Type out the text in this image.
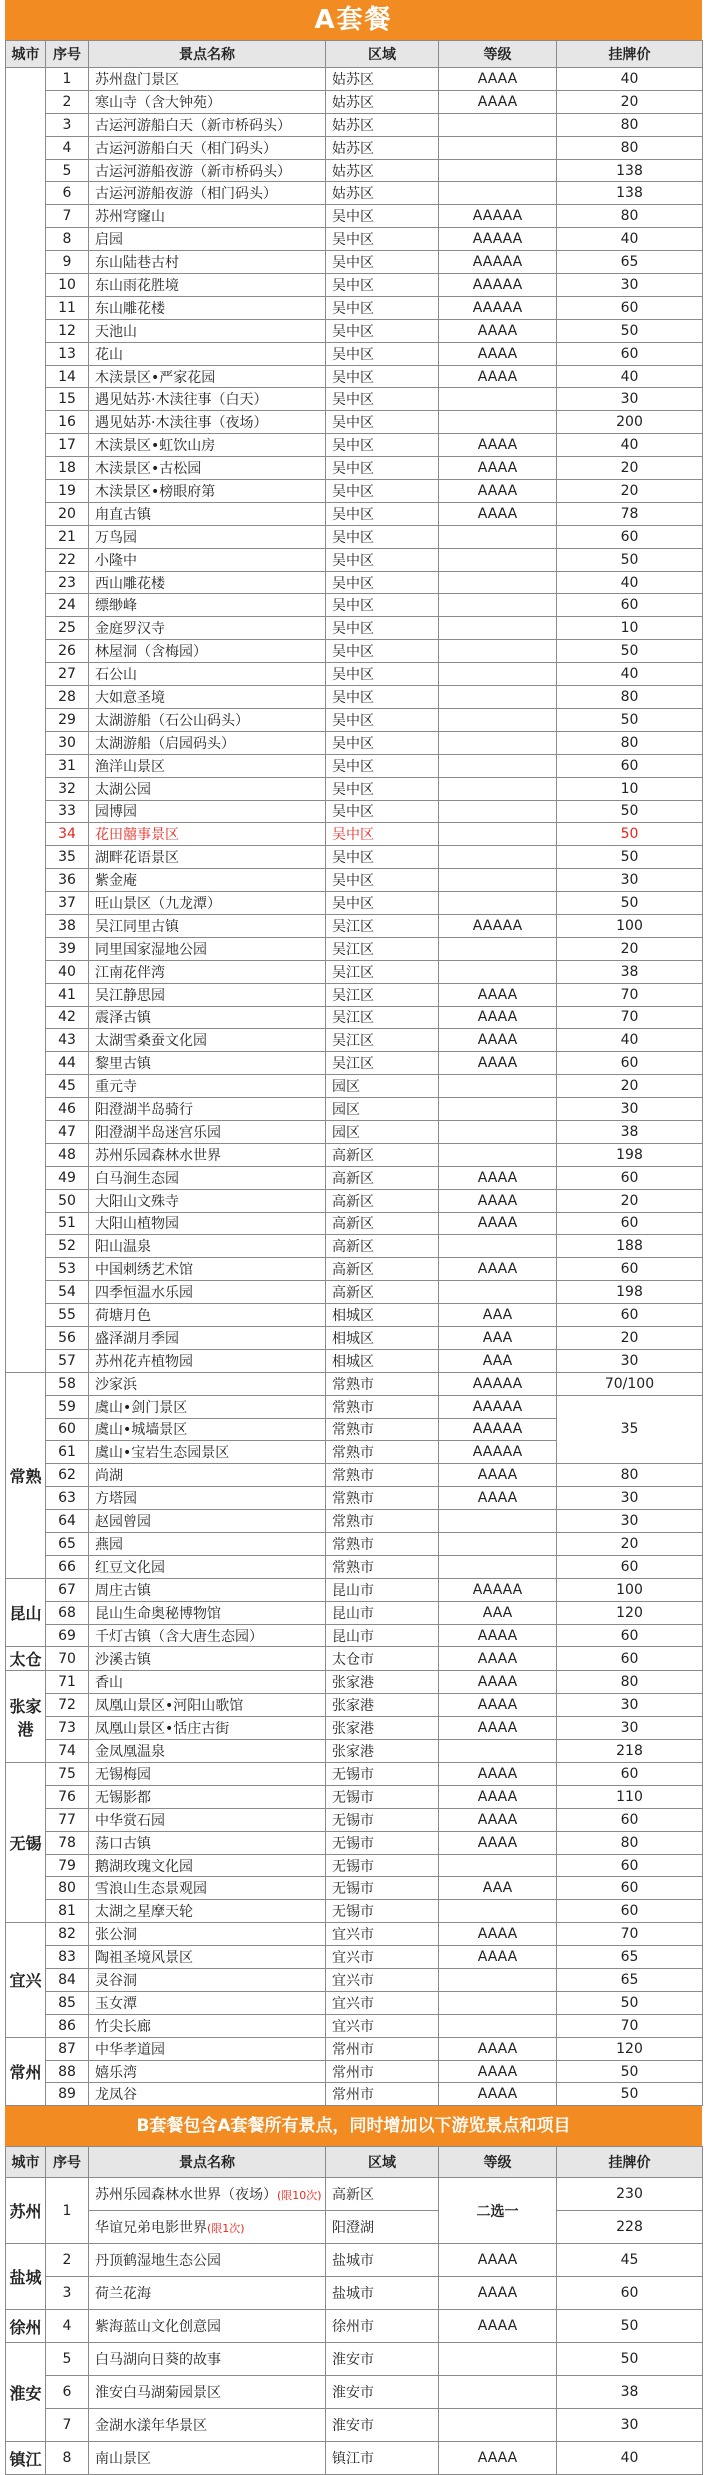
A套餐
城市	序号	景点名称	区域	等级	挂牌价
	1	苏州盘门景区	姑苏区	AAAA	40
	2	寒山寺（含大钟苑）	姑苏区	AAAA	20
	3	古运河游船白天（新市桥码头）	姑苏区		80
	4	古运河游船白天（相门码头）	姑苏区		80
	5	古运河游船夜游（新市桥码头）	姑苏区		138
	6	古运河游船夜游（相门码头）	姑苏区		138
	7	苏州穹窿山	吴中区	AAAAA	80
	8	启园	吴中区	AAAAA	40
	9	东山陆巷古村	吴中区	AAAAA	65
	10	东山雨花胜境	吴中区	AAAAA	30
	11	东山雕花楼	吴中区	AAAAA	60
	12	天池山	吴中区	AAAA	50
	13	花山	吴中区	AAAA	60
	14	木渎景区•严家花园	吴中区	AAAA	40
	15	遇见姑苏·木渎往事（白天）	吴中区		30
	16	遇见姑苏·木渎往事（夜场）	吴中区		200
	17	木渎景区•虹饮山房	吴中区	AAAA	40
	18	木渎景区•古松园	吴中区	AAAA	20
	19	木渎景区•榜眼府第	吴中区	AAAA	20
	20	甪直古镇	吴中区	AAAA	78
	21	万鸟园	吴中区		60
	22	小隆中	吴中区		50
	23	西山雕花楼	吴中区		40
	24	缥缈峰	吴中区		60
	25	金庭罗汉寺	吴中区		10
	26	林屋洞（含梅园）	吴中区		50
	27	石公山	吴中区		40
	28	大如意圣境	吴中区		80
	29	太湖游船（石公山码头）	吴中区		50
	30	太湖游船（启园码头）	吴中区		80
	31	渔洋山景区	吴中区		60
	32	太湖公园	吴中区		10
	33	园博园	吴中区		50
	34	花田囍事景区	吴中区		50
	35	湖畔花语景区	吴中区		50
	36	紫金庵	吴中区		30
	37	旺山景区（九龙潭）	吴中区		50
	38	吴江同里古镇	吴江区	AAAAA	100
	39	同里国家湿地公园	吴江区		20
	40	江南花伴湾	吴江区		38
	41	吴江静思园	吴江区	AAAA	70
	42	震泽古镇	吴江区	AAAA	70
	43	太湖雪桑蚕文化园	吴江区	AAAA	40
	44	黎里古镇	吴江区	AAAA	60
	45	重元寺	园区		20
	46	阳澄湖半岛骑行	园区		30
	47	阳澄湖半岛迷宫乐园	园区		38
	48	苏州乐园森林水世界	高新区		198
	49	白马涧生态园	高新区	AAAA	60
	50	大阳山文殊寺	高新区	AAAA	20
	51	大阳山植物园	高新区	AAAA	60
	52	阳山温泉	高新区		188
	53	中国刺绣艺术馆	高新区	AAAA	60
	54	四季恒温水乐园	高新区		198
	55	荷塘月色	相城区	AAA	60
	56	盛泽湖月季园	相城区	AAA	20
	57	苏州花卉植物园	相城区	AAA	30
常熟	58	沙家浜	常熟市	AAAAA	70/100
	59	虞山•剑门景区	常熟市	AAAAA	35
	60	虞山•城墙景区	常熟市	AAAAA	
	61	虞山•宝岩生态园景区	常熟市	AAAAA	
	62	尚湖	常熟市	AAAA	80
	63	方塔园	常熟市	AAAA	30
	64	赵园曾园	常熟市		30
	65	燕园	常熟市		20
	66	红豆文化园	常熟市		60
昆山	67	周庄古镇	昆山市	AAAAA	100
	68	昆山生命奥秘博物馆	昆山市	AAA	120
	69	千灯古镇（含大唐生态园）	昆山市	AAAA	60
太仓	70	沙溪古镇	太仓市	AAAA	60
张家港	71	香山	张家港	AAAA	80
	72	凤凰山景区•河阳山歌馆	张家港	AAAA	30
	73	凤凰山景区•恬庄古街	张家港	AAAA	30
	74	金凤凰温泉	张家港		218
无锡	75	无锡梅园	无锡市	AAAA	60
	76	无锡影都	无锡市	AAAA	110
	77	中华赏石园	无锡市	AAAA	60
	78	荡口古镇	无锡市	AAAA	80
	79	鹅湖玫瑰文化园	无锡市		60
	80	雪浪山生态景观园	无锡市	AAA	60
	81	太湖之星摩天轮	无锡市		60
宜兴	82	张公洞	宜兴市	AAAA	70
	83	陶祖圣境风景区	宜兴市	AAAA	65
	84	灵谷洞	宜兴市		65
	85	玉女潭	宜兴市		50
	86	竹尖长廊	宜兴市		70
常州	87	中华孝道园	常州市	AAAA	120
	88	嬉乐湾	常州市	AAAA	50
	89	龙凤谷	常州市	AAAA	50
B套餐包含A套餐所有景点，同时增加以下游览景点和项目
城市	序号	景点名称	区域	等级	挂牌价
苏州	1	苏州乐园森林水世界（夜场）(限10次)	高新区	二选一	230
		华谊兄弟电影世界(限1次)	阳澄湖		228
盐城	2	丹顶鹤湿地生态公园	盐城市	AAAA	45
	3	荷兰花海	盐城市	AAAA	60
徐州	4	紫海蓝山文化创意园	徐州市	AAAA	50
淮安	5	白马湖向日葵的故事	淮安市		50
	6	淮安白马湖菊园景区	淮安市		38
	7	金湖水漾年华景区	淮安市		30
镇江	8	南山景区	镇江市	AAAA	40
